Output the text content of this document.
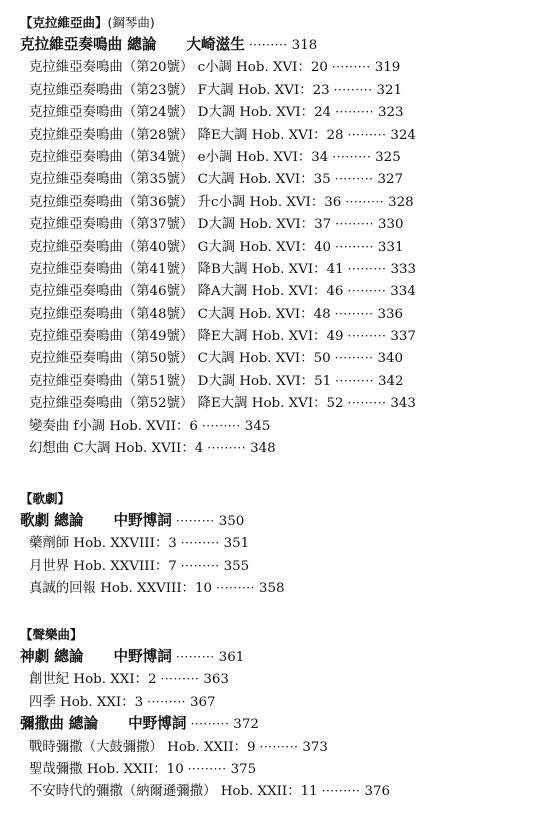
【克拉維亞曲】(鋼琴曲)
克拉維亞奏鳴曲 總論 大崎滋生 ········· 318
克拉維亞奏鳴曲（第20號） c小調 Hob. XVI：20 ········· 319
克拉維亞奏鳴曲（第23號） F大調 Hob. XVI：23 ········· 321
克拉維亞奏鳴曲（第24號） D大調 Hob. XVI：24 ········· 323
克拉維亞奏鳴曲（第28號） 降E大調 Hob. XVI：28 ········· 324
克拉維亞奏鳴曲（第34號） e小調 Hob. XVI：34 ········· 325
克拉維亞奏鳴曲（第35號） C大調 Hob. XVI：35 ········· 327
克拉維亞奏鳴曲（第36號） 升c小調 Hob. XVI：36 ········· 328
克拉維亞奏鳴曲（第37號） D大調 Hob. XVI：37 ········· 330
克拉維亞奏鳴曲（第40號） G大調 Hob. XVI：40 ········· 331
克拉維亞奏鳴曲（第41號） 降B大調 Hob. XVI：41 ········· 333
克拉維亞奏鳴曲（第46號） 降A大調 Hob. XVI：46 ········· 334
克拉維亞奏鳴曲（第48號） C大調 Hob. XVI：48 ········· 336
克拉維亞奏鳴曲（第49號） 降E大調 Hob. XVI：49 ········· 337
克拉維亞奏鳴曲（第50號） C大調 Hob. XVI：50 ········· 340
克拉維亞奏鳴曲（第51號） D大調 Hob. XVI：51 ········· 342
克拉維亞奏鳴曲（第52號） 降E大調 Hob. XVI：52 ········· 343
變奏曲 f小調 Hob. XVII：6 ········· 345
幻想曲 C大調 Hob. XVII：4 ········· 348
【歌劇】
歌劇 總論 中野博詞 ········· 350
藥劑師 Hob. XXVIII：3 ········· 351
月世界 Hob. XXVIII：7 ········· 355
真誠的回報 Hob. XXVIII：10 ········· 358
【聲樂曲】
神劇 總論 中野博詞 ········· 361
創世紀 Hob. XXI：2 ········· 363
四季 Hob. XXI：3 ········· 367
彌撒曲 總論 中野博詞 ········· 372
戰時彌撒（大鼓彌撒） Hob. XXII：9 ········· 373
聖哉彌撒 Hob. XXII：10 ········· 375
不安時代的彌撒（納爾遜彌撒） Hob. XXII：11 ········· 376
